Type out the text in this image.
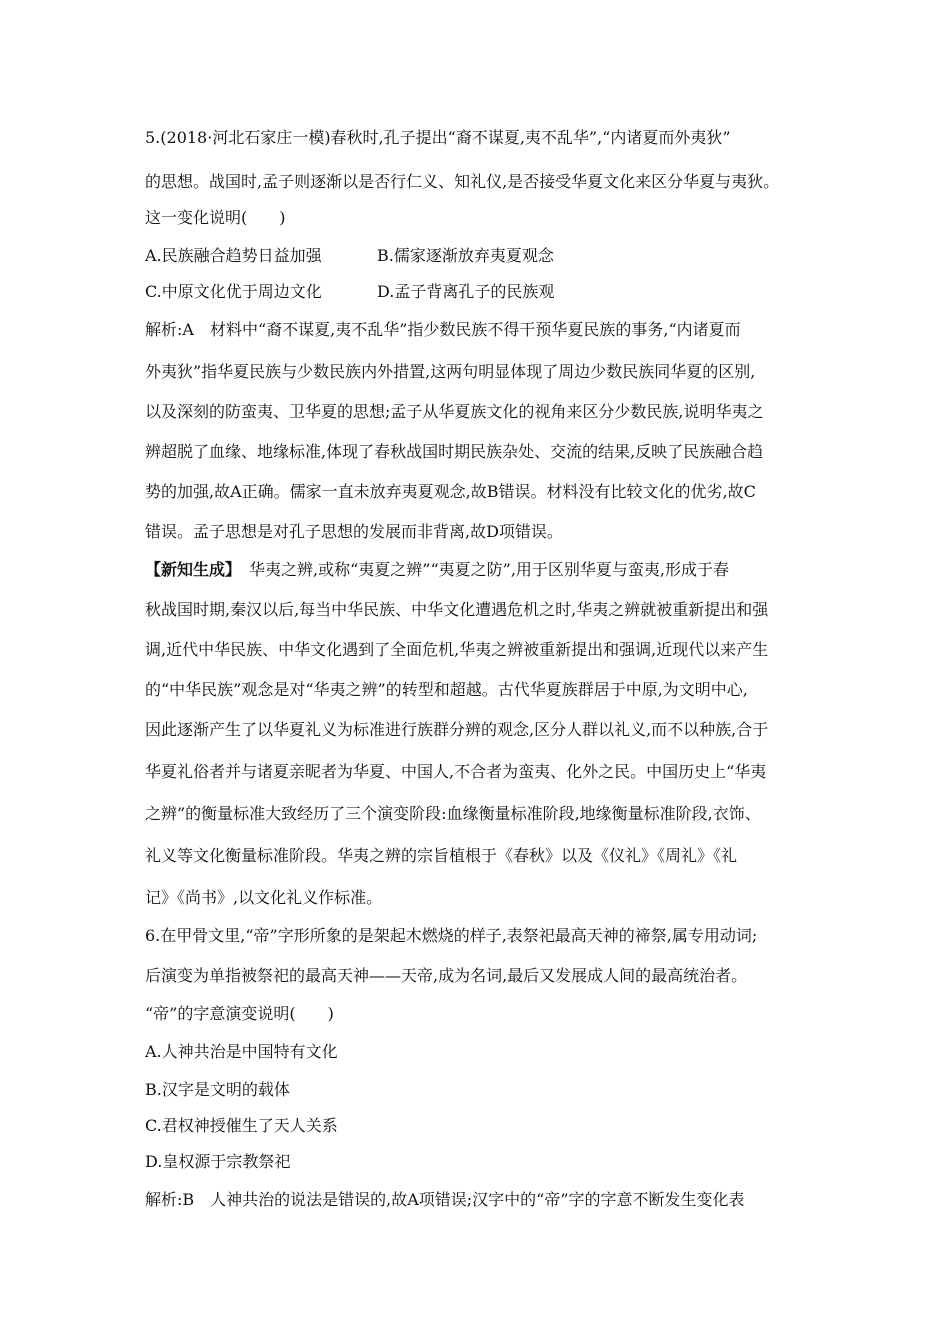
5.(2018·河北石家庄一模)春秋时,孔子提出“裔不谋夏,夷不乱华”,“内诸夏而外夷狄”
的思想。战国时,孟子则逐渐以是否行仁义、知礼仪,是否接受华夏文化来区分华夏与夷狄。
这一变化说明(　　)
A.民族融合趋势日益加强	B.儒家逐渐放弃夷夏观念
C.中原文化优于周边文化	D.孟子背离孔子的民族观
解析:A　材料中“裔不谋夏,夷不乱华”指少数民族不得干预华夏民族的事务,“内诸夏而
外夷狄”指华夏民族与少数民族内外措置,这两句明显体现了周边少数民族同华夏的区别,
以及深刻的防蛮夷、卫华夏的思想;孟子从华夏族文化的视角来区分少数民族,说明华夷之
辨超脱了血缘、地缘标准,体现了春秋战国时期民族杂处、交流的结果,反映了民族融合趋
势的加强,故A正确。儒家一直未放弃夷夏观念,故B错误。材料没有比较文化的优劣,故C
错误。孟子思想是对孔子思想的发展而非背离,故D项错误。
【新知生成】　华夷之辨,或称“夷夏之辨”“夷夏之防”,用于区别华夏与蛮夷,形成于春
秋战国时期,秦汉以后,每当中华民族、中华文化遭遇危机之时,华夷之辨就被重新提出和强
调,近代中华民族、中华文化遇到了全面危机,华夷之辨被重新提出和强调,近现代以来产生
的“中华民族”观念是对“华夷之辨”的转型和超越。古代华夏族群居于中原,为文明中心,
因此逐渐产生了以华夏礼义为标准进行族群分辨的观念,区分人群以礼义,而不以种族,合于
华夏礼俗者并与诸夏亲昵者为华夏、中国人,不合者为蛮夷、化外之民。中国历史上“华夷
之辨”的衡量标准大致经历了三个演变阶段:血缘衡量标准阶段,地缘衡量标准阶段,衣饰、
礼义等文化衡量标准阶段。华夷之辨的宗旨植根于《春秋》以及《仪礼》《周礼》《礼
记》《尚书》,以文化礼义作标准。
6.在甲骨文里,“帝”字形所象的是架起木燃烧的样子,表祭祀最高天神的禘祭,属专用动词;
后演变为单指被祭祀的最高天神——天帝,成为名词,最后又发展成人间的最高统治者。
“帝”的字意演变说明(　　)
A.人神共治是中国特有文化
B.汉字是文明的载体
C.君权神授催生了天人关系
D.皇权源于宗教祭祀
解析:B　人神共治的说法是错误的,故A项错误;汉字中的“帝”字的字意不断发生变化表
